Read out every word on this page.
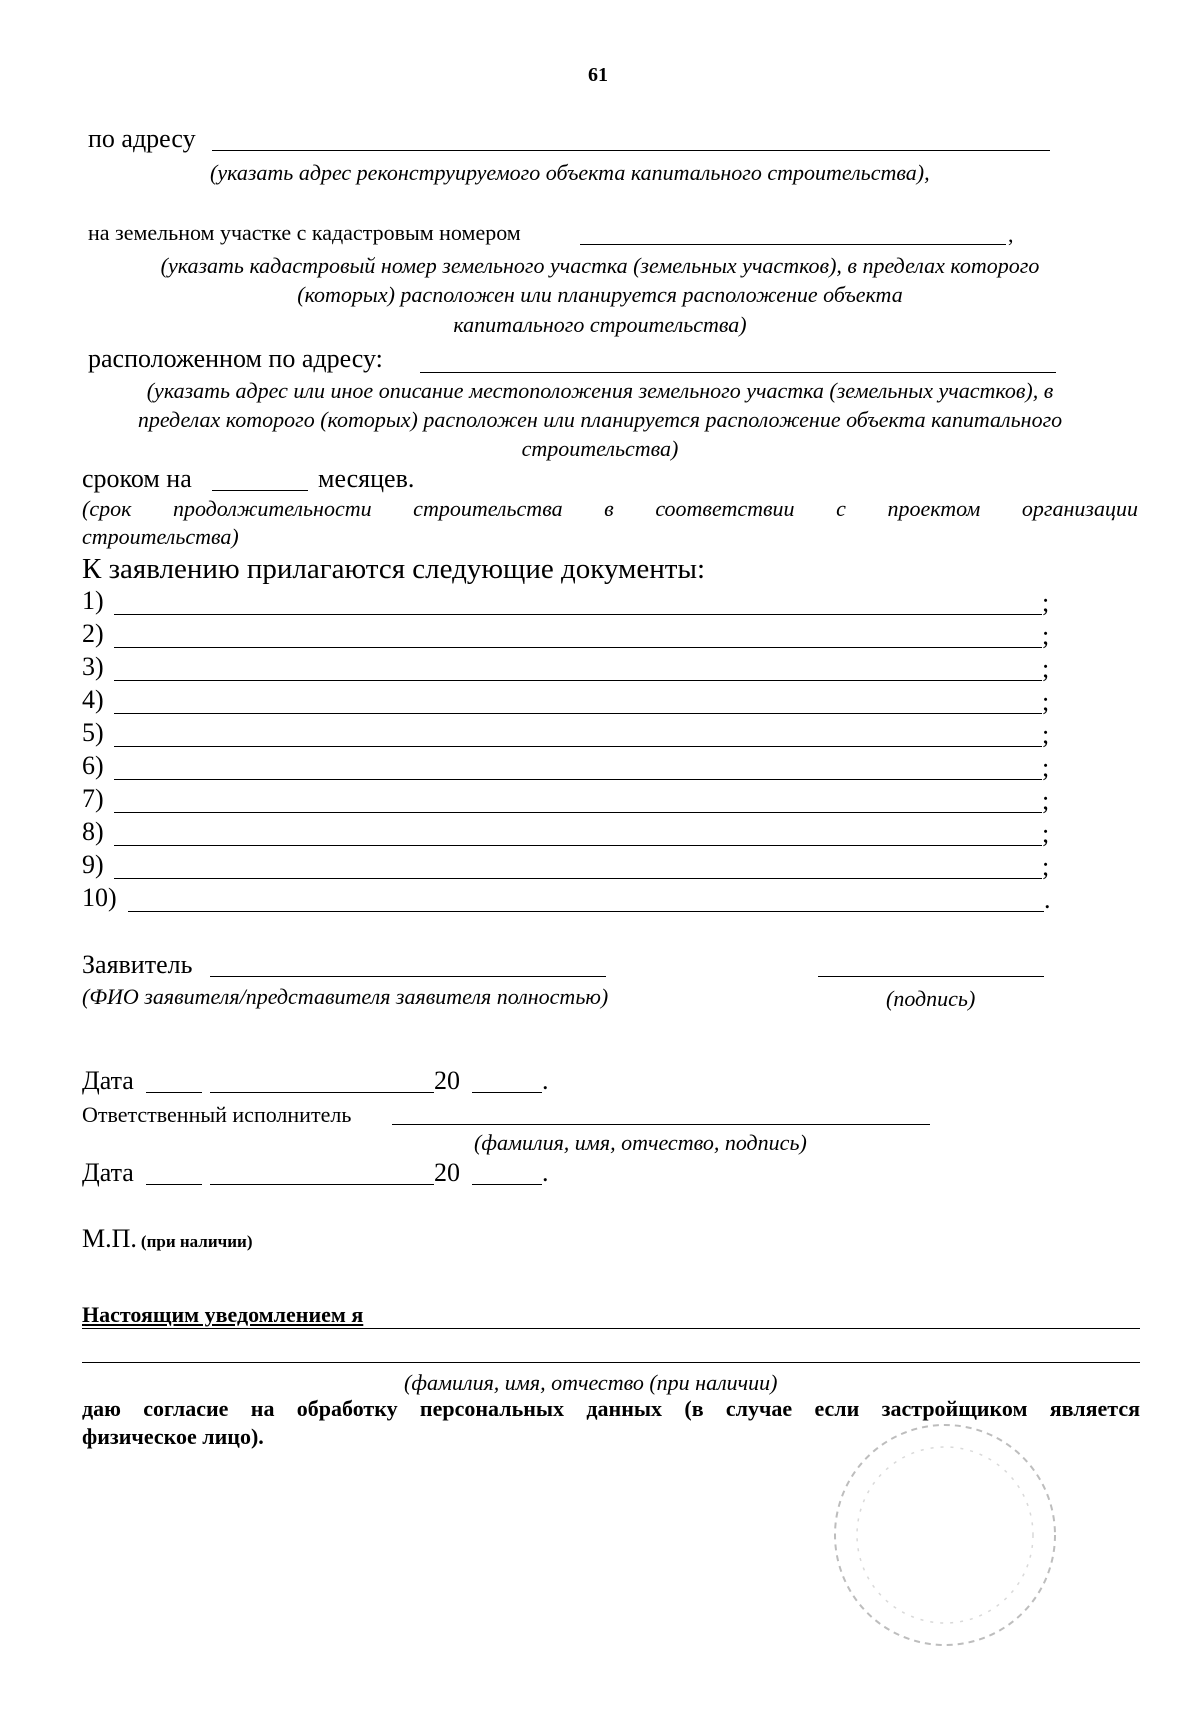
61
по адресу
(указать адрес реконструируемого объекта капитального строительства),
на земельном участке с кадастровым номером	,
(указать кадастровый номер земельного участка (земельных участков), в пределах которого
(которых) расположен или планируется расположение объекта
капитального строительства)
расположенном по адресу:
(указать адрес или иное описание местоположения земельного участка (земельных участков), в
пределах которого (которых) расположен или планируется расположение объекта капитального
строительства)
сроком на	месяцев.
(срок продолжительности строительства в соответствии с проектом организации
строительства)
К заявлению прилагаются следующие документы:
1)	;
2)	;
3)	;
4)	;
5)	;
6)	;
7)	;
8)	;
9)	;
10)	.
Заявитель
(ФИО заявителя/представителя заявителя полностью)	(подпись)
Дата	20	.
Ответственный исполнитель
(фамилия, имя, отчество, подпись)
Дата	20	.
М.П. (при наличии)
Настоящим уведомлением я
(фамилия, имя, отчество (при наличии)
даю согласие на обработку персональных данных (в случае если застройщиком является
физическое лицо).
